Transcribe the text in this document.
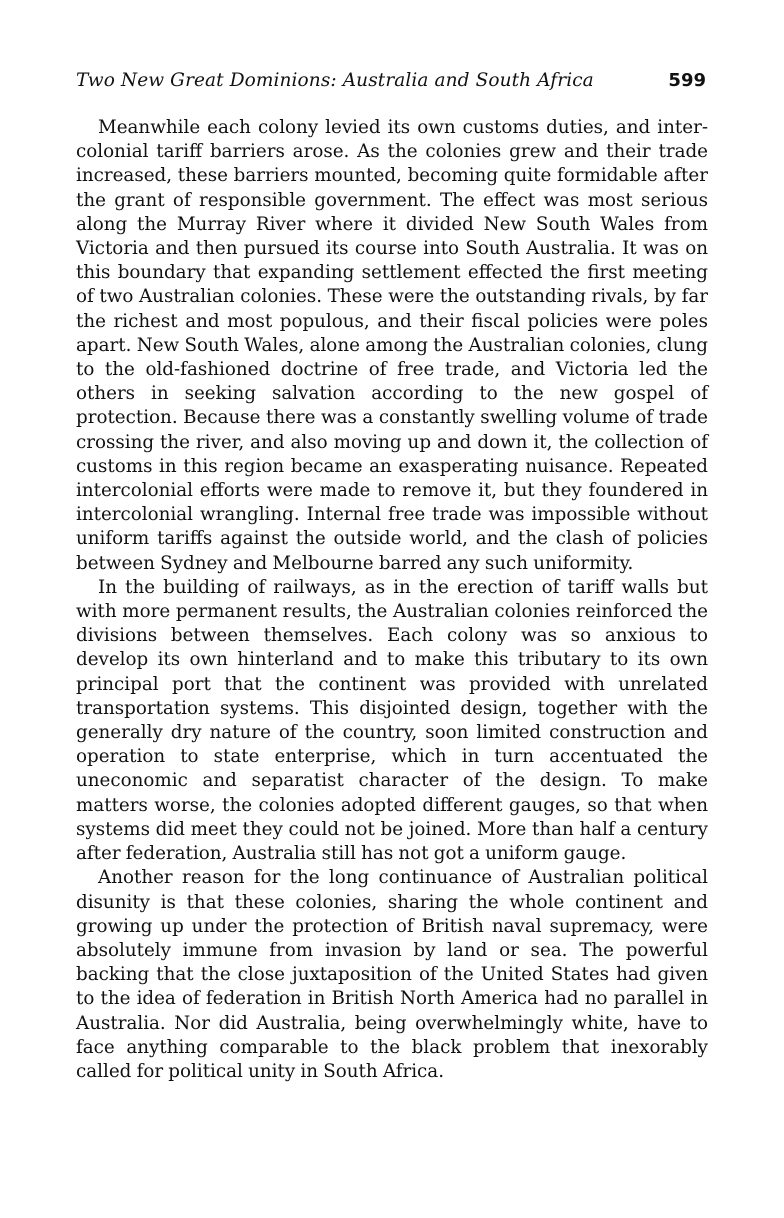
Two New Great Dominions: Australia and South Africa	599

Meanwhile each colony levied its own customs duties, and intercolonial tariff barriers arose. As the colonies grew and their trade increased, these barriers mounted, becoming quite formidable after the grant of responsible government. The effect was most serious along the Murray River where it divided New South Wales from Victoria and then pursued its course into South Australia. It was on this boundary that expanding settlement effected the first meeting of two Australian colonies. These were the outstanding rivals, by far the richest and most populous, and their fiscal policies were poles apart. New South Wales, alone among the Australian colonies, clung to the old-fashioned doctrine of free trade, and Victoria led the others in seeking salvation according to the new gospel of protection. Because there was a constantly swelling volume of trade crossing the river, and also moving up and down it, the collection of customs in this region became an exasperating nuisance. Repeated intercolonial efforts were made to remove it, but they foundered in intercolonial wrangling. Internal free trade was impossible without uniform tariffs against the outside world, and the clash of policies between Sydney and Melbourne barred any such uniformity.

In the building of railways, as in the erection of tariff walls but with more permanent results, the Australian colonies reinforced the divisions between themselves. Each colony was so anxious to develop its own hinterland and to make this tributary to its own principal port that the continent was provided with unrelated transportation systems. This disjointed design, together with the generally dry nature of the country, soon limited construction and operation to state enterprise, which in turn accentuated the uneconomic and separatist character of the design. To make matters worse, the colonies adopted different gauges, so that when systems did meet they could not be joined. More than half a century after federation, Australia still has not got a uniform gauge.

Another reason for the long continuance of Australian political disunity is that these colonies, sharing the whole continent and growing up under the protection of British naval supremacy, were absolutely immune from invasion by land or sea. The powerful backing that the close juxtaposition of the United States had given to the idea of federation in British North America had no parallel in Australia. Nor did Australia, being overwhelmingly white, have to face anything comparable to the black problem that inexorably called for political unity in South Africa.
